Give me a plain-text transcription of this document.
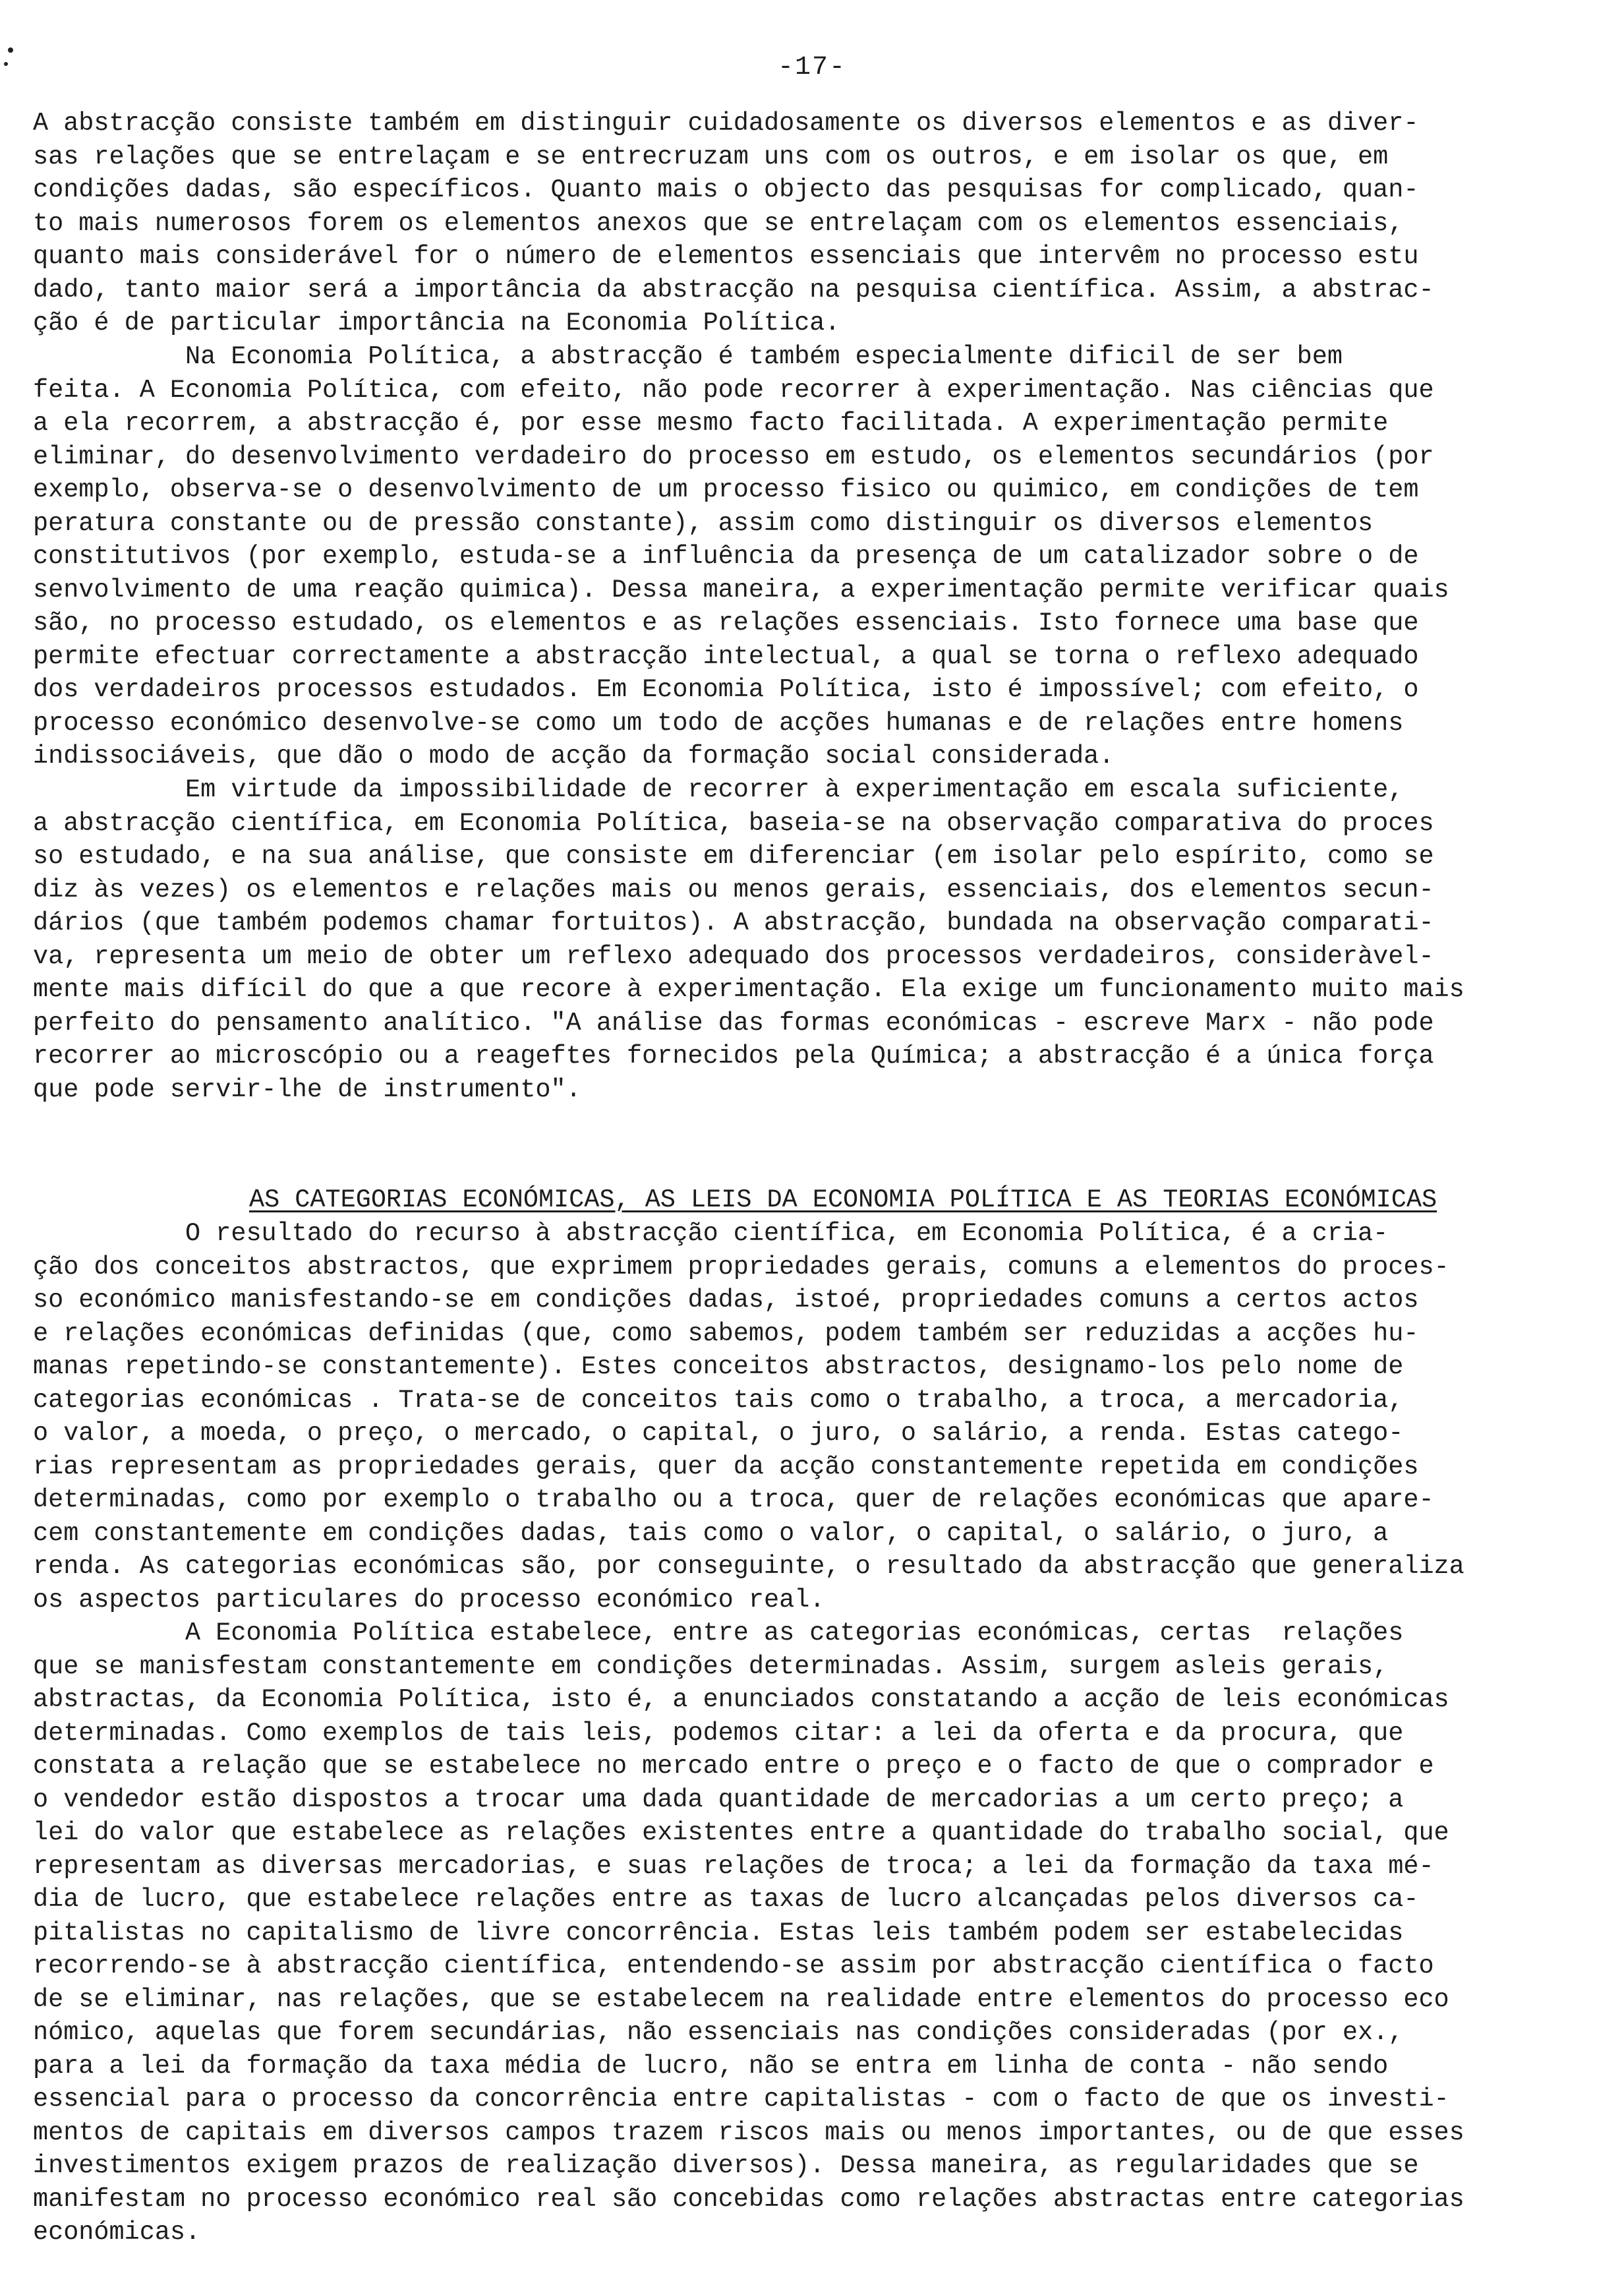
-17-
A abstracção consiste também em distinguir cuidadosamente os diversos elementos e as diver-
sas relações que se entrelaçam e se entrecruzam uns com os outros, e em isolar os que, em
condições dadas, são específicos. Quanto mais o objecto das pesquisas for complicado, quan-
to mais numerosos forem os elementos anexos que se entrelaçam com os elementos essenciais,
quanto mais considerável for o número de elementos essenciais que intervêm no processo estu
dado, tanto maior será a importância da abstracção na pesquisa científica. Assim, a abstrac-
ção é de particular importância na Economia Política.
Na Economia Política, a abstracção é também especialmente dificil de ser bem
feita. A Economia Política, com efeito, não pode recorrer à experimentação. Nas ciências que
a ela recorrem, a abstracção é, por esse mesmo facto facilitada. A experimentação permite
eliminar, do desenvolvimento verdadeiro do processo em estudo, os elementos secundários (por
exemplo, observa-se o desenvolvimento de um processo fisico ou quimico, em condições de tem
peratura constante ou de pressão constante), assim como distinguir os diversos elementos
constitutivos (por exemplo, estuda-se a influência da presença de um catalizador sobre o de
senvolvimento de uma reação quimica). Dessa maneira, a experimentação permite verificar quais
são, no processo estudado, os elementos e as relações essenciais. Isto fornece uma base que
permite efectuar correctamente a abstracção intelectual, a qual se torna o reflexo adequado
dos verdadeiros processos estudados. Em Economia Política, isto é impossível; com efeito, o
processo económico desenvolve-se como um todo de acções humanas e de relações entre homens
indissociáveis, que dão o modo de acção da formação social considerada.
Em virtude da impossibilidade de recorrer à experimentação em escala suficiente,
a abstracção científica, em Economia Política, baseia-se na observação comparativa do proces
so estudado, e na sua análise, que consiste em diferenciar (em isolar pelo espírito, como se
diz às vezes) os elementos e relações mais ou menos gerais, essenciais, dos elementos secun-
dários (que também podemos chamar fortuitos). A abstracção, bundada na observação comparati-
va, representa um meio de obter um reflexo adequado dos processos verdadeiros, consideràvel-
mente mais difícil do que a que recore à experimentação. Ela exige um funcionamento muito mais
perfeito do pensamento analítico. "A análise das formas económicas - escreve Marx - não pode
recorrer ao microscópio ou a reageftes fornecidos pela Química; a abstracção é a única força
que pode servir-lhe de instrumento".
AS CATEGORIAS ECONÓMICAS, AS LEIS DA ECONOMIA POLÍTICA E AS TEORIAS ECONÓMICAS
O resultado do recurso à abstracção científica, em Economia Política, é a cria-
ção dos conceitos abstractos, que exprimem propriedades gerais, comuns a elementos do proces-
so económico manisfestando-se em condições dadas, istoé, propriedades comuns a certos actos
e relações económicas definidas (que, como sabemos, podem também ser reduzidas a acções hu-
manas repetindo-se constantemente). Estes conceitos abstractos, designamo-los pelo nome de
categorias económicas . Trata-se de conceitos tais como o trabalho, a troca, a mercadoria,
o valor, a moeda, o preço, o mercado, o capital, o juro, o salário, a renda. Estas catego-
rias representam as propriedades gerais, quer da acção constantemente repetida em condições
determinadas, como por exemplo o trabalho ou a troca, quer de relações económicas que apare-
cem constantemente em condições dadas, tais como o valor, o capital, o salário, o juro, a
renda. As categorias económicas são, por conseguinte, o resultado da abstracção que generaliza
os aspectos particulares do processo económico real.
A Economia Política estabelece, entre as categorias económicas, certas  relações
que se manisfestam constantemente em condições determinadas. Assim, surgem asleis gerais,
abstractas, da Economia Política, isto é, a enunciados constatando a acção de leis económicas
determinadas. Como exemplos de tais leis, podemos citar: a lei da oferta e da procura, que
constata a relação que se estabelece no mercado entre o preço e o facto de que o comprador e
o vendedor estão dispostos a trocar uma dada quantidade de mercadorias a um certo preço; a
lei do valor que estabelece as relações existentes entre a quantidade do trabalho social, que
representam as diversas mercadorias, e suas relações de troca; a lei da formação da taxa mé-
dia de lucro, que estabelece relações entre as taxas de lucro alcançadas pelos diversos ca-
pitalistas no capitalismo de livre concorrência. Estas leis também podem ser estabelecidas
recorrendo-se à abstracção científica, entendendo-se assim por abstracção científica o facto
de se eliminar, nas relações, que se estabelecem na realidade entre elementos do processo eco
nómico, aquelas que forem secundárias, não essenciais nas condições consideradas (por ex.,
para a lei da formação da taxa média de lucro, não se entra em linha de conta - não sendo
essencial para o processo da concorrência entre capitalistas - com o facto de que os investi-
mentos de capitais em diversos campos trazem riscos mais ou menos importantes, ou de que esses
investimentos exigem prazos de realização diversos). Dessa maneira, as regularidades que se
manifestam no processo económico real são concebidas como relações abstractas entre categorias
económicas.
